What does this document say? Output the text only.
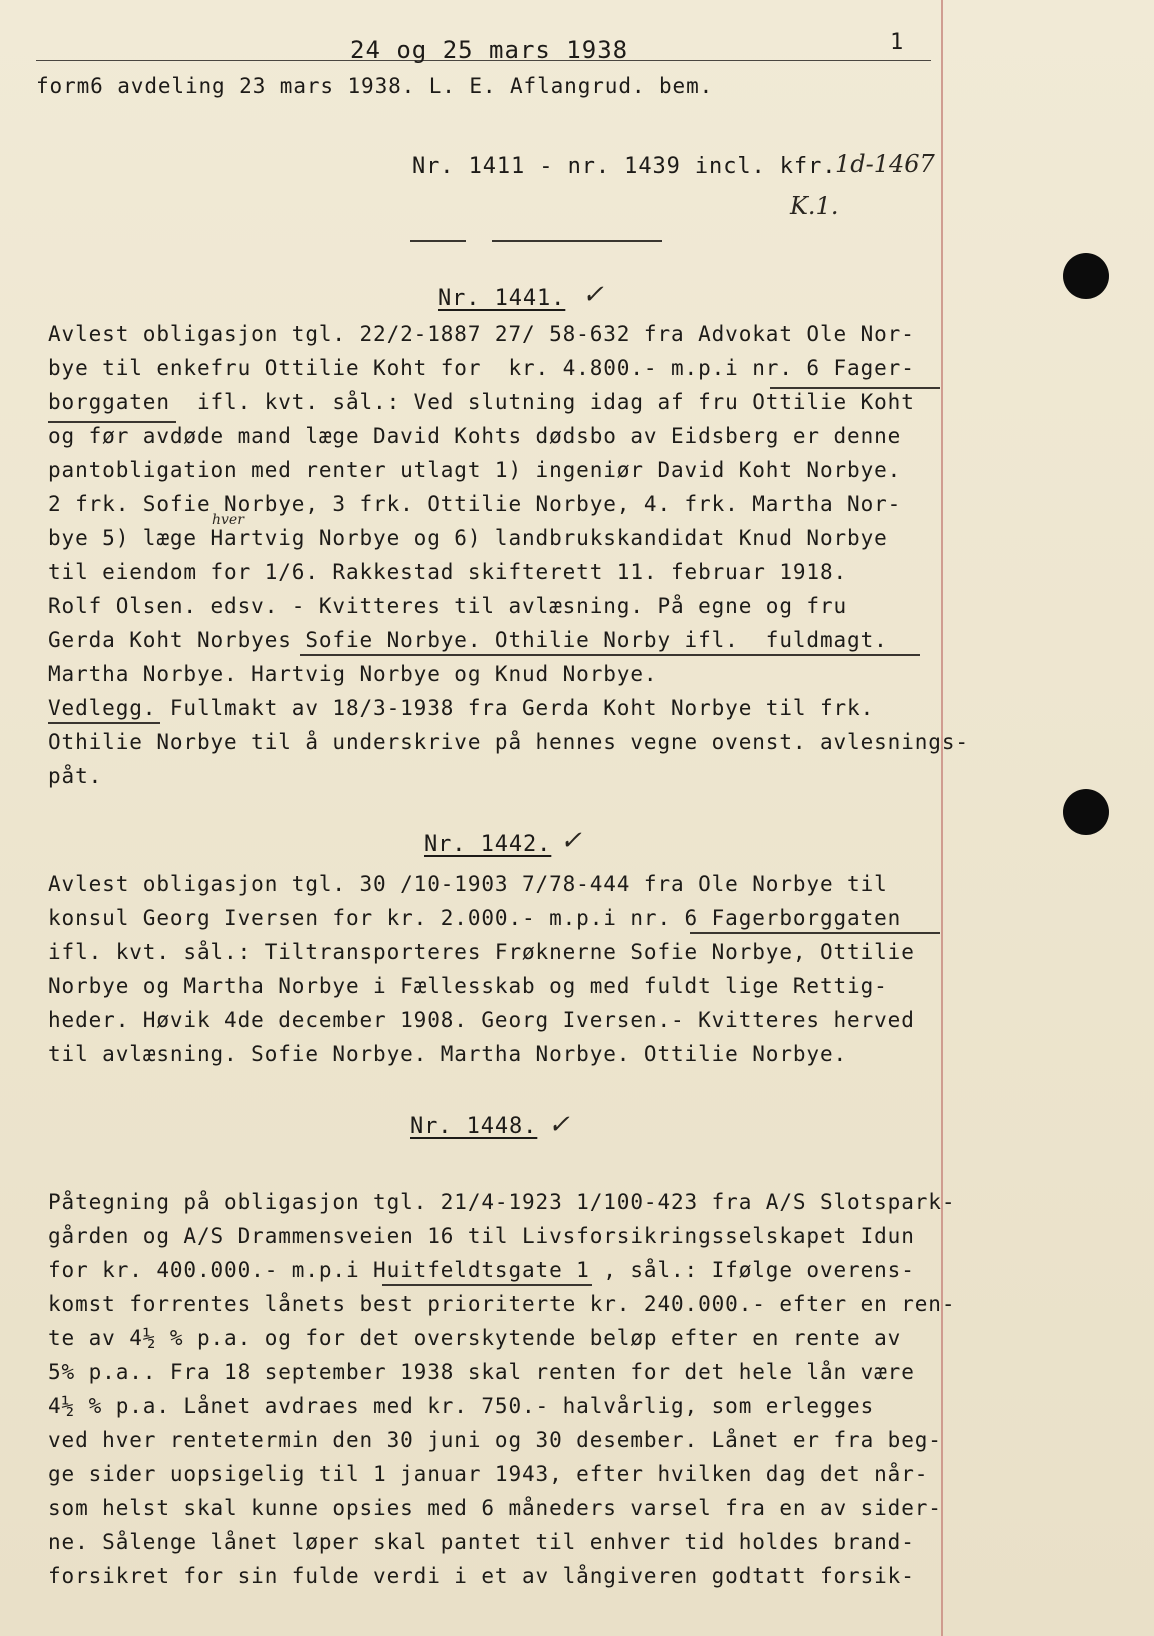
24 og 25 mars 1938	1
form6 avdeling 23 mars 1938. L. E. Aflangrud. bem.
Nr. 1411 - nr. 1439 incl. kfr.
1d-1467
K.1.
Nr. 1441. ✓
Avlest obligasjon tgl. 22/2-1887 27/ 58-632 fra Advokat Ole Nor-
bye til enkefru Ottilie Koht for  kr. 4.800.- m.p.i nr. 6 Fager-
borggaten  ifl. kvt. sål.: Ved slutning idag af fru Ottilie Koht
og før avdøde mand læge David Kohts dødsbo av Eidsberg er denne
pantobligation med renter utlagt 1) ingeniør David Koht Norbye.
2 frk. Sofie Norbye, 3 frk. Ottilie Norbye, 4. frk. Martha Nor-
bye 5) læge Hartvig Norbye og 6) landbrukskandidat Knud Norbye
hver
til eiendom for 1/6. Rakkestad skifterett 11. februar 1918.
Rolf Olsen. edsv. - Kvitteres til avlæsning. På egne og fru
Gerda Koht Norbyes Sofie Norbye. Othilie Norby ifl.  fuldmagt.
Martha Norbye. Hartvig Norbye og Knud Norbye.
Vedlegg. Fullmakt av 18/3-1938 fra Gerda Koht Norbye til frk.
Othilie Norbye til å underskrive på hennes vegne ovenst. avlesnings-
påt.
Nr. 1442. ✓
Avlest obligasjon tgl. 30 /10-1903 7/78-444 fra Ole Norbye til
konsul Georg Iversen for kr. 2.000.- m.p.i nr. 6 Fagerborggaten
ifl. kvt. sål.: Tiltransporteres Frøknerne Sofie Norbye, Ottilie
Norbye og Martha Norbye i Fællesskab og med fuldt lige Rettig-
heder. Høvik 4de december 1908. Georg Iversen.- Kvitteres herved
til avlæsning. Sofie Norbye. Martha Norbye. Ottilie Norbye.
Nr. 1448. ✓
Påtegning på obligasjon tgl. 21/4-1923 1/100-423 fra A/S Slotspark-
gården og A/S Drammensveien 16 til Livsforsikringsselskapet Idun
for kr. 400.000.- m.p.i Huitfeldtsgate 1 , sål.: Ifølge overens-
komst forrentes lånets best prioriterte kr. 240.000.- efter en ren-
te av 4½ % p.a. og for det overskytende beløp efter en rente av
5% p.a.. Fra 18 september 1938 skal renten for det hele lån være
4½ % p.a. Lånet avdraes med kr. 750.- halvårlig, som erlegges
ved hver rentetermin den 30 juni og 30 desember. Lånet er fra beg-
ge sider uopsigelig til 1 januar 1943, efter hvilken dag det når-
som helst skal kunne opsies med 6 måneders varsel fra en av sider-
ne. Sålenge lånet løper skal pantet til enhver tid holdes brand-
forsikret for sin fulde verdi i et av långiveren godtatt forsik-
